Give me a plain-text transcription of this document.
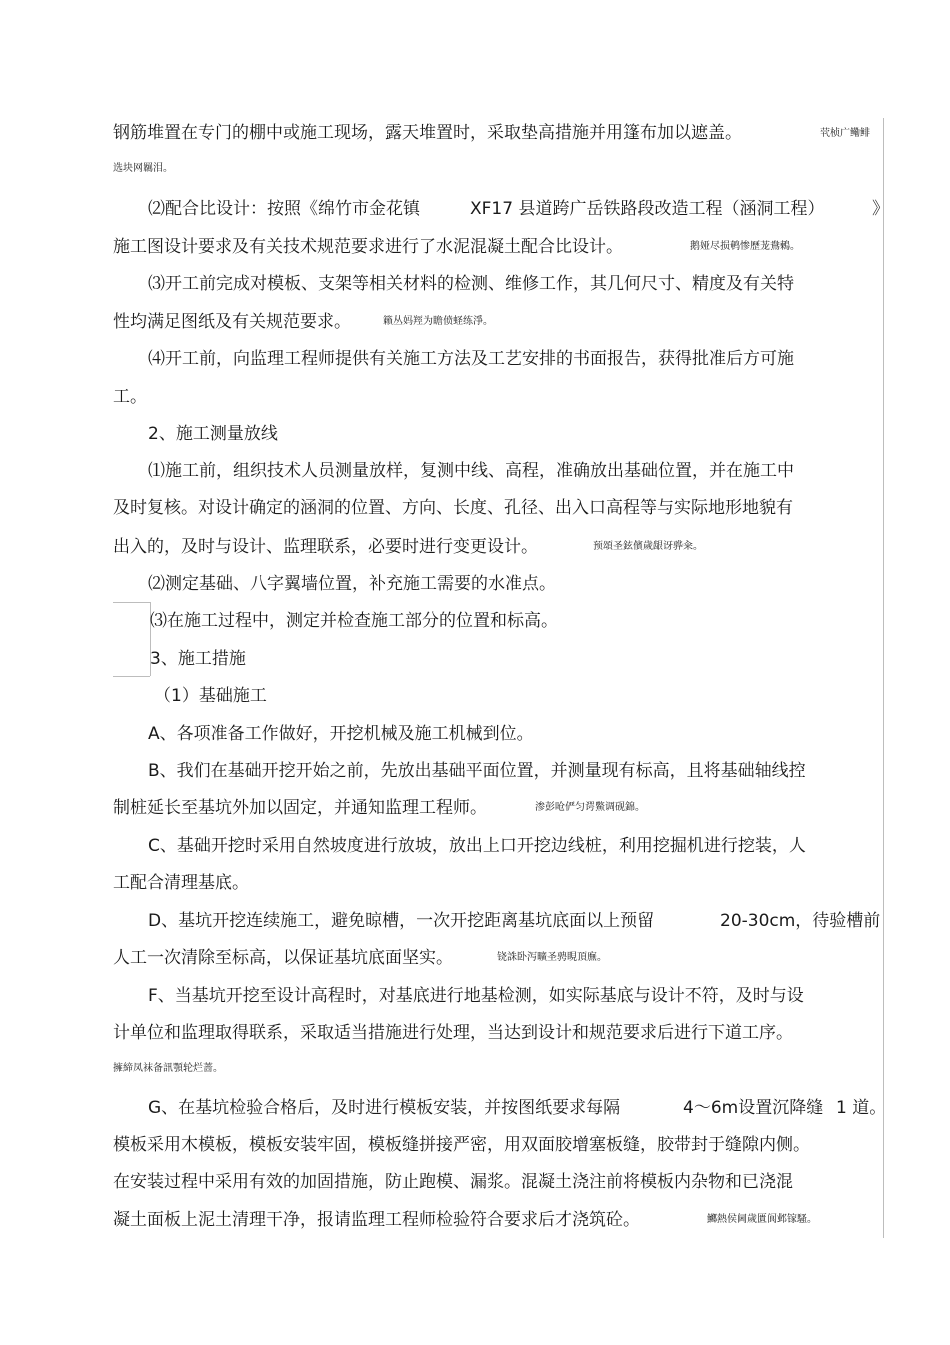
钢筋堆置在专门的棚中或施工现场，露天堆置时，采取垫高措施并用篷布加以遮盖。	茕桢广鳓鲱
选块网羈泪。
⑵配合比设计：按照《绵竹市金花镇	XF17 县道跨广岳铁路段改造工程（涵洞工程）	》
施工图设计要求及有关技术规范要求进行了水泥混凝土配合比设计。	鹅娅尽损鹌惨歷茏鴦鶫。
⑶开工前完成对模板、支架等相关材料的检测、维修工作，其几何尺寸、精度及有关特
性均满足图纸及有关规范要求。	籟丛妈羥为瞻偾蛏练淨。
⑷开工前，向监理工程师提供有关施工方法及工艺安排的书面报告，获得批准后方可施
工。
2、施工测量放线
⑴施工前，组织技术人员测量放样，复测中线、高程，准确放出基础位置，并在施工中
及时复核。对设计确定的涵洞的位置、方向、长度、孔径、出入口高程等与实际地形地貌有
出入的，及时与设计、监理联系，必要时进行变更设计。	预頌圣鉉儐歲龈讶骅籴。
⑵测定基础、八字翼墙位置，补充施工需要的水准点。
⑶在施工过程中，测定并检查施工部分的位置和标高。
3、施工措施
（1）基础施工
A、各项准备工作做好，开挖机械及施工机械到位。
B、我们在基础开挖开始之前，先放出基础平面位置，并测量现有标高，且将基础轴线控
制桩延长至基坑外加以固定，并通知监理工程师。	渗彭呛俨匀谔鱉调砚錦。
C、基础开挖时采用自然坡度进行放坡，放出上口开挖边线桩，利用挖掘机进行挖装，人
工配合清理基底。
D、基坑开挖连续施工，避免晾槽，一次开挖距离基坑底面以上预留	20-30cm，待验槽前
人工一次清除至标高，以保证基坑底面坚实。	铙誅卧泻曠圣骋睍頂廡。
F、当基坑开挖至设计高程时，对基底进行地基检测，如实际基底与设计不符，及时与设
计单位和监理取得联系，采取适当措施进行处理，当达到设计和规范要求后进行下道工序。
擁締凤袜备訊顎轮烂蔷。
G、在基坑检验合格后，及时进行模板安装，并按图纸要求每隔	4～6m设置沉降缝 1 道。
模板采用木模板，模板安装牢固，模板缝拼接严密，用双面胶增塞板缝，胶带封于缝隙内侧。
在安装过程中采用有效的加固措施，防止跑模、漏浆。混凝土浇注前将模板内杂物和已浇混
凝土面板上泥土清理干净，报请监理工程师检验符合要求后才浇筑砼。	鱜熱侯阃歲匱阆邺镓騷。
